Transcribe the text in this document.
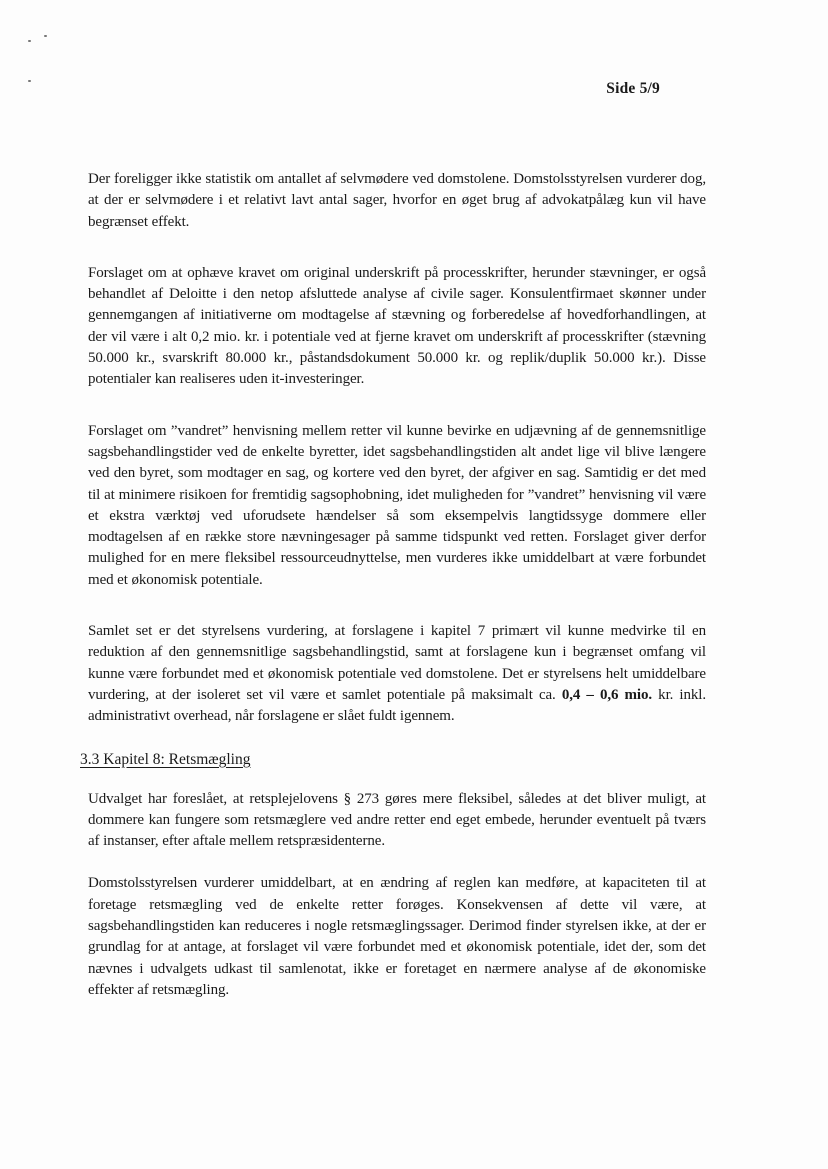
Side 5/9

Der foreligger ikke statistik om antallet af selvmødere ved domstolene. Domstolsstyrelsen vurderer dog, at der er selvmødere i et relativt lavt antal sager, hvorfor en øget brug af advokatpålæg kun vil have begrænset effekt.

Forslaget om at ophæve kravet om original underskrift på processkrifter, herunder stævninger, er også behandlet af Deloitte i den netop afsluttede analyse af civile sager. Konsulentfirmaet skønner under gennemgangen af initiativerne om modtagelse af stævning og forberedelse af hovedforhandlingen, at der vil være i alt 0,2 mio. kr. i potentiale ved at fjerne kravet om underskrift af processkrifter (stævning 50.000 kr., svarskrift 80.000 kr., påstandsdokument 50.000 kr. og replik/duplik 50.000 kr.). Disse potentialer kan realiseres uden it-investeringer.

Forslaget om ”vandret” henvisning mellem retter vil kunne bevirke en udjævning af de gennemsnitlige sagsbehandlingstider ved de enkelte byretter, idet sagsbehandlingstiden alt andet lige vil blive længere ved den byret, som modtager en sag, og kortere ved den byret, der afgiver en sag. Samtidig er det med til at minimere risikoen for fremtidig sagsophobning, idet muligheden for ”vandret” henvisning vil være et ekstra værktøj ved uforudsete hændelser så som eksempelvis langtidssyge dommere eller modtagelsen af en række store nævningesager på samme tidspunkt ved retten. Forslaget giver derfor mulighed for en mere fleksibel ressourceudnyttelse, men vurderes ikke umiddelbart at være forbundet med et økonomisk potentiale.

Samlet set er det styrelsens vurdering, at forslagene i kapitel 7 primært vil kunne medvirke til en reduktion af den gennemsnitlige sagsbehandlingstid, samt at forslagene kun i begrænset omfang vil kunne være forbundet med et økonomisk potentiale ved domstolene. Det er styrelsens helt umiddelbare vurdering, at der isoleret set vil være et samlet potentiale på maksimalt ca. 0,4 – 0,6 mio. kr. inkl. administrativt overhead, når forslagene er slået fuldt igennem.

3.3 Kapitel 8: Retsmægling

Udvalget har foreslået, at retsplejelovens § 273 gøres mere fleksibel, således at det bliver muligt, at dommere kan fungere som retsmæglere ved andre retter end eget embede, herunder eventuelt på tværs af instanser, efter aftale mellem retspræsidenterne.

Domstolsstyrelsen vurderer umiddelbart, at en ændring af reglen kan medføre, at kapaciteten til at foretage retsmægling ved de enkelte retter forøges. Konsekvensen af dette vil være, at sagsbehandlingstiden kan reduceres i nogle retsmæglingssager. Derimod finder styrelsen ikke, at der er grundlag for at antage, at forslaget vil være forbundet med et økonomisk potentiale, idet der, som det nævnes i udvalgets udkast til samlenotat, ikke er foretaget en nærmere analyse af de økonomiske effekter af retsmægling.
